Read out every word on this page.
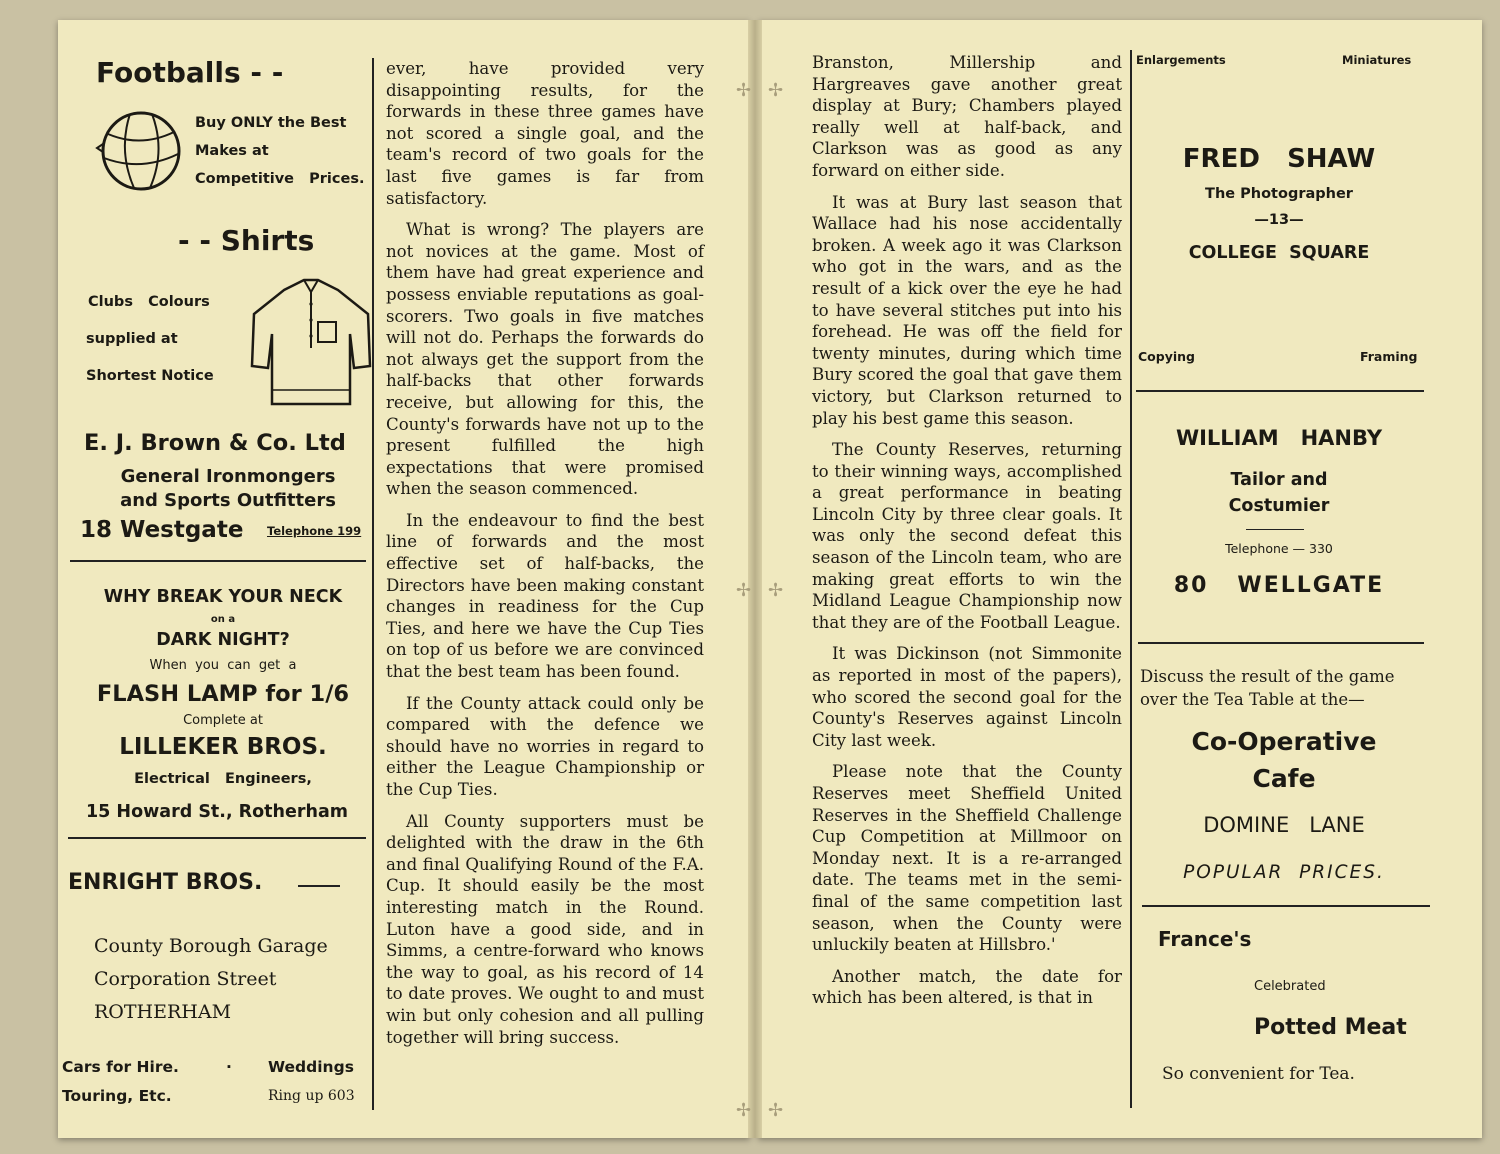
Footballs - -
Buy ONLY the Best
Makes at
Competitive   Prices.
- - Shirts
Clubs   Colours
supplied at
Shortest Notice
E. J. Brown & Co. Ltd
General Ironmongers
and Sports Outfitters
18 Westgate Telephone 199
WHY BREAK YOUR NECK
on a
DARK NIGHT?
When  you  can  get  a
FLASH LAMP for 1/6
Complete at
LILLEKER BROS.
Electrical   Engineers,
15 Howard St., Rotherham
ENRIGHT BROS.
County Borough Garage
Corporation Street
ROTHERHAM
Cars for Hire.	· Weddings
Touring, Etc.	Ring up 603

ever, have provided very disappointing results, for the forwards in these three games have not scored a single goal, and the team's record of two goals for the last five games is far from satisfactory.

What is wrong? The players are not novices at the game. Most of them have had great experience and possess enviable reputations as goal-scorers. Two goals in five matches will not do. Perhaps the forwards do not always get the support from the half-backs that other forwards receive, but allowing for this, the County's forwards have not up to the present fulfilled the high expectations that were promised when the season commenced.

In the endeavour to find the best line of forwards and the most effective set of half-backs, the Directors have been making constant changes in readiness for the Cup Ties, and here we have the Cup Ties on top of us before we are convinced that the best team has been found.

If the County attack could only be compared with the defence we should have no worries in regard to either the League Championship or the Cup Ties.

All County supporters must be delighted with the draw in the 6th and final Qualifying Round of the F.A. Cup. It should easily be the most interesting match in the Round. Luton have a good side, and in Simms, a centre-forward who knows the way to goal, as his record of 14 to date proves. We ought to and must win but only cohesion and all pulling together will bring success.

✢
✢
✢
✢
✢
✢

Branston, Millership and Hargreaves gave another great display at Bury; Chambers played really well at half-back, and Clarkson was as good as any forward on either side.

It was at Bury last season that Wallace had his nose accidentally broken. A week ago it was Clarkson who got in the wars, and as the result of a kick over the eye he had to have several stitches put into his forehead. He was off the field for twenty minutes, during which time Bury scored the goal that gave them victory, but Clarkson returned to play his best game this season.

The County Reserves, returning to their winning ways, accomplished a great performance in beating Lincoln City by three clear goals. It was only the second defeat this season of the Lincoln team, who are making great efforts to win the Midland League Championship now that they are of the Football League.

It was Dickinson (not Simmonite as reported in most of the papers), who scored the second goal for the County's Reserves against Lincoln City last week.

Please note that the County Reserves meet Sheffield United Reserves in the Sheffield Challenge Cup Competition at Millmoor on Monday next. It is a re-arranged date. The teams met in the semi-final of the same competition last season, when the County were unluckily beaten at Hillsbro.'

Another match, the date for which has been altered, is that in

Enlargements	Miniatures
FRED   SHAW
The Photographer
—13—
COLLEGE  SQUARE
Copying	Framing
WILLIAM   HANBY
Tailor and
Costumier
Telephone — 330
80   WELLGATE
Discuss the result of the game
over the Tea Table at the—
Co-Operative
Cafe
DOMINE   LANE
POPULAR  PRICES.
France's
Celebrated
Potted Meat
So convenient for Tea.
